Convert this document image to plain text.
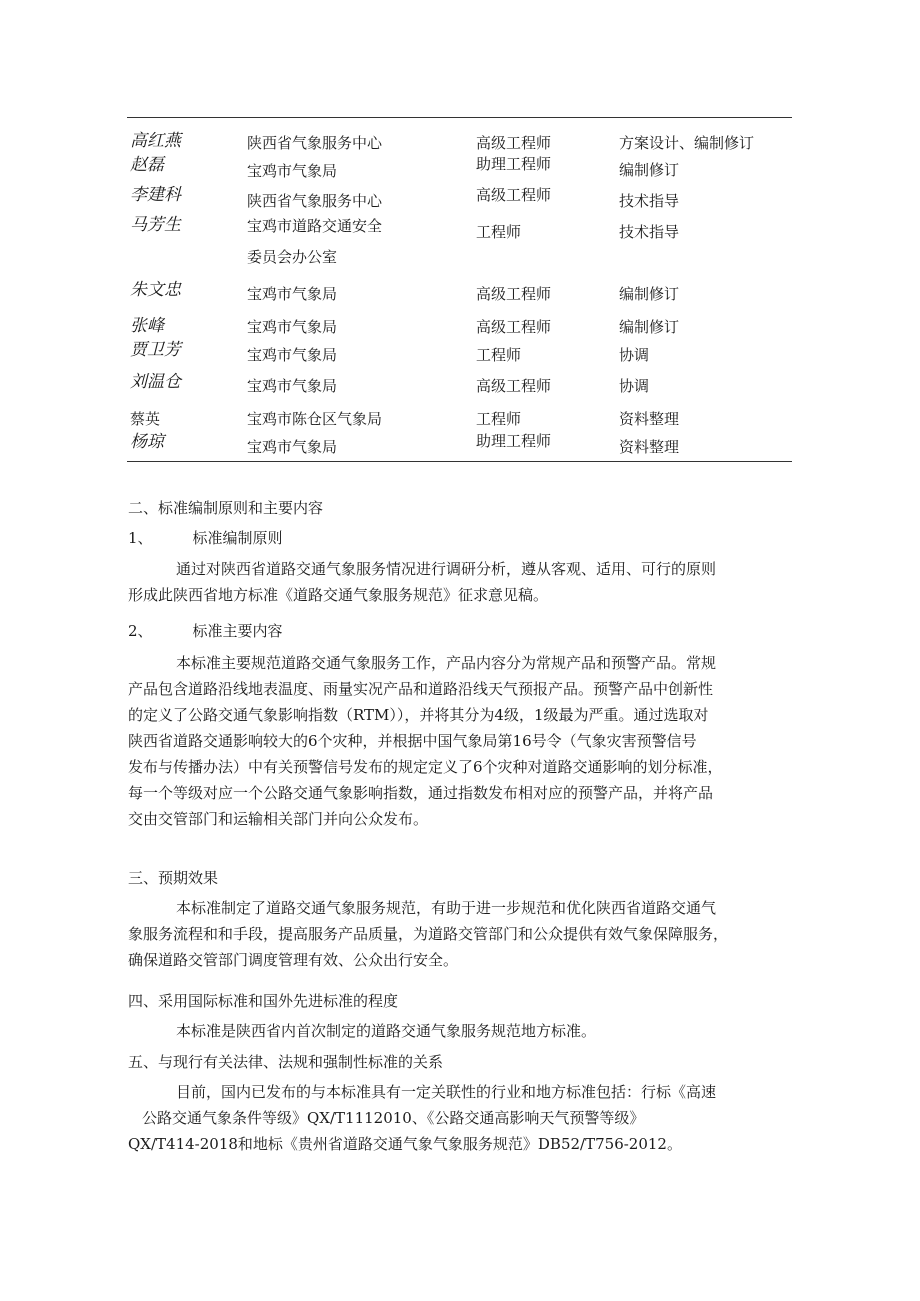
高红燕	陕西省气象服务中心	高级工程师	方案设计、编制修订
赵磊	宝鸡市气象局	助理工程师	编制修订
李建科	陕西省气象服务中心	高级工程师	技术指导
马芳生	宝鸡市道路交通安全
委员会办公室
工程师	技术指导
朱文忠	宝鸡市气象局	高级工程师	编制修订
张峰	宝鸡市气象局	高级工程师	编制修订
贾卫芳	宝鸡市气象局	工程师	协调
刘温仓	宝鸡市气象局	高级工程师	协调
蔡英	宝鸡市陈仓区气象局	工程师	资料整理
杨琼	宝鸡市气象局	助理工程师	资料整理
二、标准编制原则和主要内容
1、	标准编制原则
通过对陕西省道路交通气象服务情况进行调研分析，遵从客观、适用、可行的原则
形成此陕西省地方标准《道路交通气象服务规范》征求意见稿。
2、	标准主要内容
本标准主要规范道路交通气象服务工作，产品内容分为常规产品和预警产品。常规
产品包含道路沿线地表温度、雨量实况产品和道路沿线天气预报产品。预警产品中创新性
的定义了公路交通气象影响指数（RTM）），并将其分为4级，1级最为严重。通过选取对
陕西省道路交通影响较大的6个灾种，并根据中国气象局第16号令（气象灾害预警信号
发布与传播办法）中有关预警信号发布的规定定义了6个灾种对道路交通影响的划分标准，
每一个等级对应一个公路交通气象影响指数，通过指数发布相对应的预警产品，并将产品
交由交管部门和运输相关部门并向公众发布。
三、预期效果
本标准制定了道路交通气象服务规范，有助于进一步规范和优化陕西省道路交通气
象服务流程和和手段，提高服务产品质量，为道路交管部门和公众提供有效气象保障服务，
确保道路交管部门调度管理有效、公众出行安全。
四、采用国际标准和国外先进标准的程度
本标准是陕西省内首次制定的道路交通气象服务规范地方标准。
五、与现行有关法律、法规和强制性标准的关系
目前，国内已发布的与本标准具有一定关联性的行业和地方标准包括：行标《高速
公路交通气象条件等级》QX/T1112010、《公路交通高影响天气预警等级》
QX/T414-2018和地标《贵州省道路交通气象气象服务规范》DB52/T756-2012。
